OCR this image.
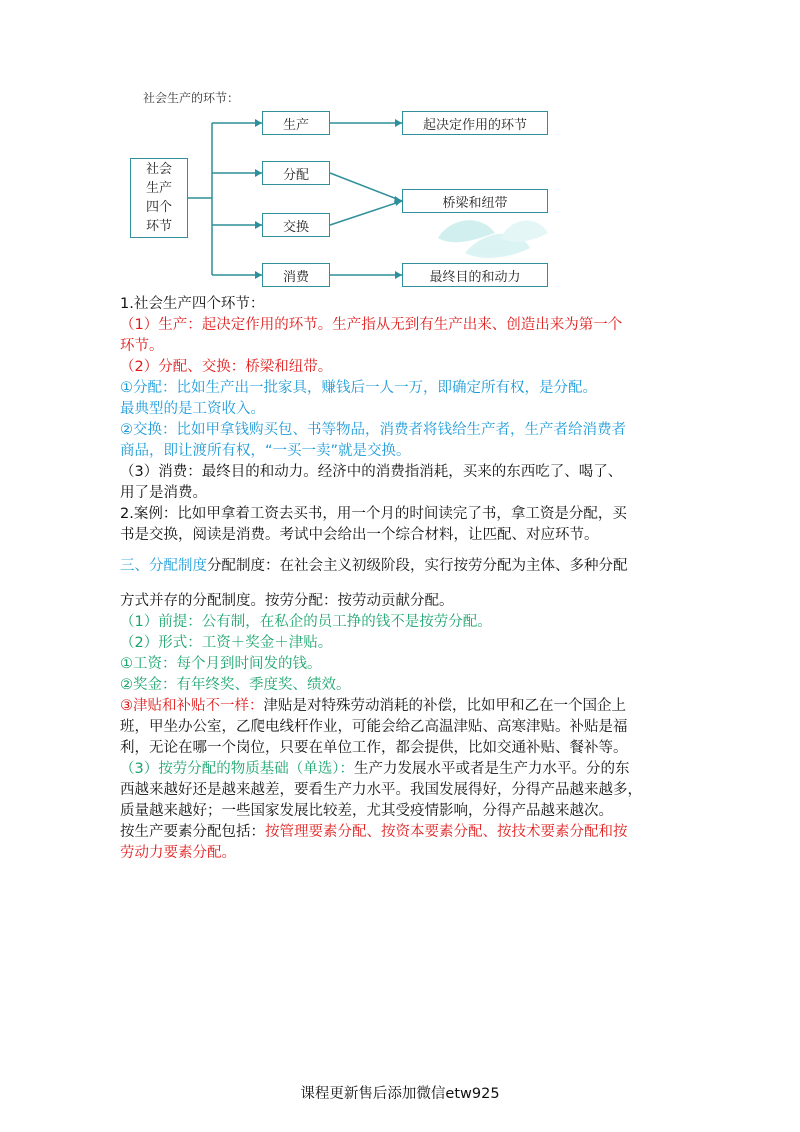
社会生产的环节：
社会生产四个环节
生产
分配
交换
消费
起决定作用的环节
桥梁和纽带
最终目的和动力
1.社会生产四个环节：
（1）生产：起决定作用的环节。生产指从无到有生产出来、创造出来为第一个
环节。
（2）分配、交换：桥梁和纽带。
①分配：比如生产出一批家具，赚钱后一人一万，即确定所有权，是分配。
最典型的是工资收入。
②交换：比如甲拿钱购买包、书等物品，消费者将钱给生产者，生产者给消费者
商品，即让渡所有权，“一买一卖”就是交换。
（3）消费：最终目的和动力。经济中的消费指消耗，买来的东西吃了、喝了、
用了是消费。
2.案例：比如甲拿着工资去买书，用一个月的时间读完了书，拿工资是分配，买
书是交换，阅读是消费。考试中会给出一个综合材料，让匹配、对应环节。
三、分配制度分配制度：在社会主义初级阶段，实行按劳分配为主体、多种分配
方式并存的分配制度。按劳分配：按劳动贡献分配。
（1）前提：公有制，在私企的员工挣的钱不是按劳分配。
（2）形式：工资＋奖金＋津贴。
①工资：每个月到时间发的钱。
②奖金：有年终奖、季度奖、绩效。
③津贴和补贴不一样：津贴是对特殊劳动消耗的补偿，比如甲和乙在一个国企上
班，甲坐办公室，乙爬电线杆作业，可能会给乙高温津贴、高寒津贴。补贴是福
利，无论在哪一个岗位，只要在单位工作，都会提供，比如交通补贴、餐补等。
（3）按劳分配的物质基础（单选）：生产力发展水平或者是生产力水平。分的东
西越来越好还是越来越差，要看生产力水平。我国发展得好，分得产品越来越多，
质量越来越好；一些国家发展比较差，尤其受疫情影响，分得产品越来越次。
按生产要素分配包括：按管理要素分配、按资本要素分配、按技术要素分配和按
劳动力要素分配。
课程更新售后添加微信etw925
